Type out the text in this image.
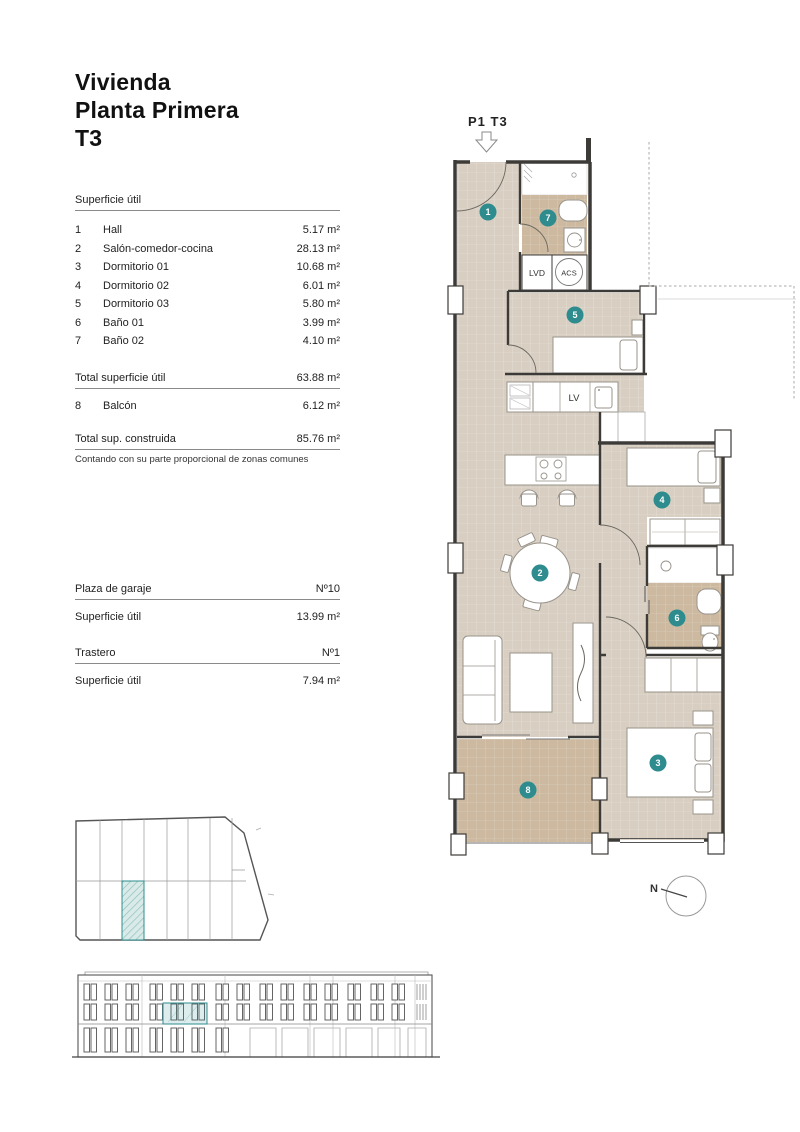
Vivienda
Planta Primera
T3
Superficie útil
1	Hall	5.17 m²
2	Salón-comedor-cocina	28.13 m²
3	Dormitorio 01	10.68 m²
4	Dormitorio 02	6.01 m²
5	Dormitorio 03	5.80 m²
6	Baño 01	3.99 m²
7	Baño 02	4.10 m²
Total superficie útil	63.88 m²
8	Balcón	6.12 m²
Total sup. construida	85.76 m²
Contando con su parte proporcional de zonas comunes
Plaza de garaje	Nº10
Superficie útil	13.99 m²
Trastero	Nº1
Superficie útil	7.94 m²
P1 T3
LVD ACS
LV
1
7
5
2
4
6
3
8
N
